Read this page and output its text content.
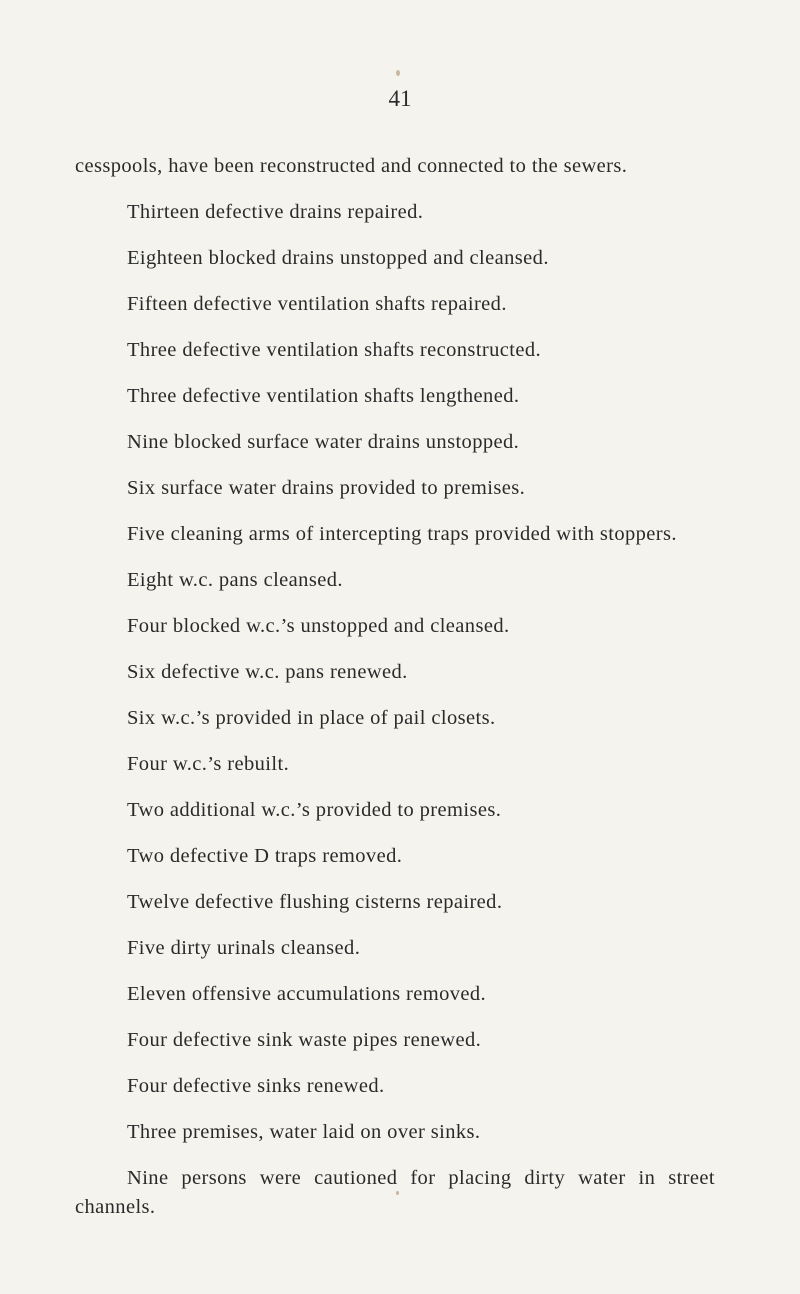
41

cesspools, have been reconstructed and connected to the sewers.

Thirteen defective drains repaired.

Eighteen blocked drains unstopped and cleansed.

Fifteen defective ventilation shafts repaired.

Three defective ventilation shafts reconstructed.

Three defective ventilation shafts lengthened.

Nine blocked surface water drains unstopped.

Six surface water drains provided to premises.

Five cleaning arms of intercepting traps provided with stoppers.

Eight w.c. pans cleansed.

Four blocked w.c.’s unstopped and cleansed.

Six defective w.c. pans renewed.

Six w.c.’s provided in place of pail closets.

Four w.c.’s rebuilt.

Two additional w.c.’s provided to premises.

Two defective D traps removed.

Twelve defective flushing cisterns repaired.

Five dirty urinals cleansed.

Eleven offensive accumulations removed.

Four defective sink waste pipes renewed.

Four defective sinks renewed.

Three premises, water laid on over sinks.

Nine persons were cautioned for placing dirty water in street channels.
